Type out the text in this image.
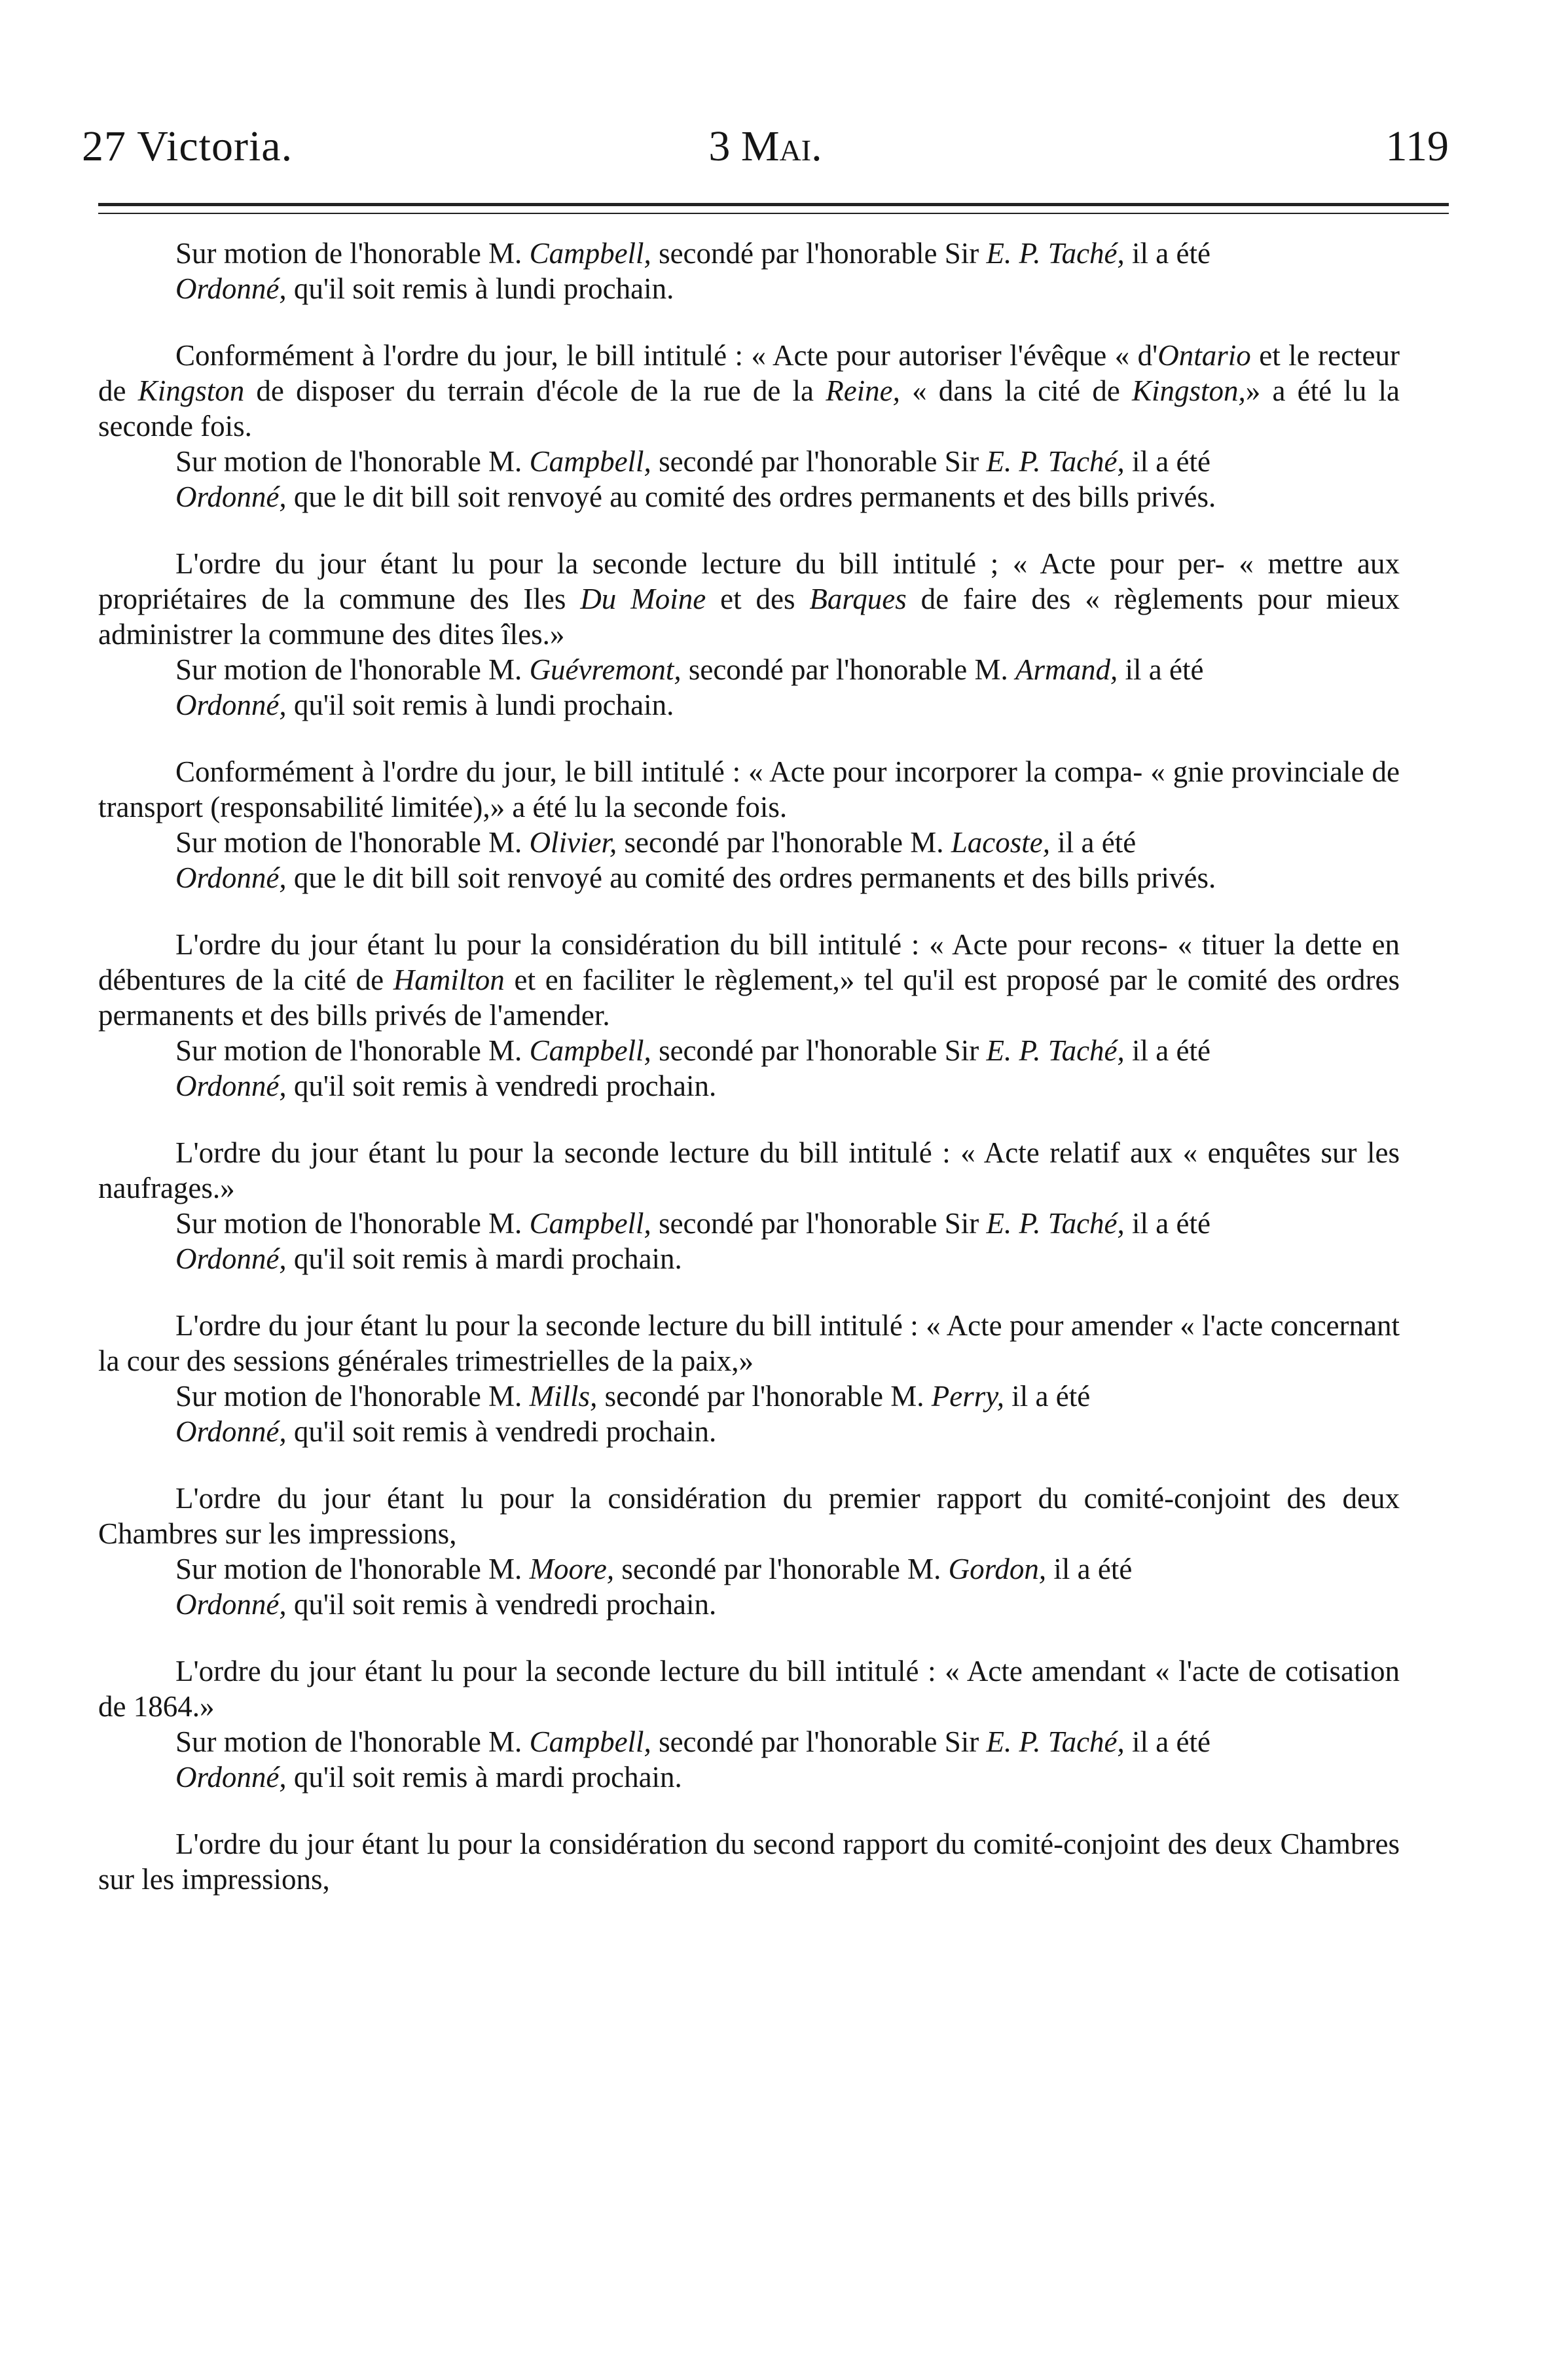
27 Victoria.	3 Mai.	119

Sur motion de l'honorable M. Campbell, secondé par l'honorable Sir E. P. Taché, il a été

Ordonné, qu'il soit remis à lundi prochain.

Conformément à l'ordre du jour, le bill intitulé : « Acte pour autoriser l'évêque « d'Ontario et le recteur de Kingston de disposer du terrain d'école de la rue de la Reine, « dans la cité de Kingston,» a été lu la seconde fois.

Sur motion de l'honorable M. Campbell, secondé par l'honorable Sir E. P. Taché, il a été

Ordonné, que le dit bill soit renvoyé au comité des ordres permanents et des bills privés.

L'ordre du jour étant lu pour la seconde lecture du bill intitulé ; « Acte pour per- « mettre aux propriétaires de la commune des Iles Du Moine et des Barques de faire des « règlements pour mieux administrer la commune des dites îles.»

Sur motion de l'honorable M. Guévremont, secondé par l'honorable M. Armand, il a été

Ordonné, qu'il soit remis à lundi prochain.

Conformément à l'ordre du jour, le bill intitulé : « Acte pour incorporer la compa- « gnie provinciale de transport (responsabilité limitée),» a été lu la seconde fois.

Sur motion de l'honorable M. Olivier, secondé par l'honorable M. Lacoste, il a été

Ordonné, que le dit bill soit renvoyé au comité des ordres permanents et des bills privés.

L'ordre du jour étant lu pour la considération du bill intitulé : « Acte pour recons- « tituer la dette en débentures de la cité de Hamilton et en faciliter le règlement,» tel qu'il est proposé par le comité des ordres permanents et des bills privés de l'amender.

Sur motion de l'honorable M. Campbell, secondé par l'honorable Sir E. P. Taché, il a été

Ordonné, qu'il soit remis à vendredi prochain.

L'ordre du jour étant lu pour la seconde lecture du bill intitulé : « Acte relatif aux « enquêtes sur les naufrages.»

Sur motion de l'honorable M. Campbell, secondé par l'honorable Sir E. P. Taché, il a été

Ordonné, qu'il soit remis à mardi prochain.

L'ordre du jour étant lu pour la seconde lecture du bill intitulé : « Acte pour amender « l'acte concernant la cour des sessions générales trimestrielles de la paix,»

Sur motion de l'honorable M. Mills, secondé par l'honorable M. Perry, il a été

Ordonné, qu'il soit remis à vendredi prochain.

L'ordre du jour étant lu pour la considération du premier rapport du comité-conjoint des deux Chambres sur les impressions,

Sur motion de l'honorable M. Moore, secondé par l'honorable M. Gordon, il a été

Ordonné, qu'il soit remis à vendredi prochain.

L'ordre du jour étant lu pour la seconde lecture du bill intitulé : « Acte amendant « l'acte de cotisation de 1864.»

Sur motion de l'honorable M. Campbell, secondé par l'honorable Sir E. P. Taché, il a été

Ordonné, qu'il soit remis à mardi prochain.

L'ordre du jour étant lu pour la considération du second rapport du comité-conjoint des deux Chambres sur les impressions,
